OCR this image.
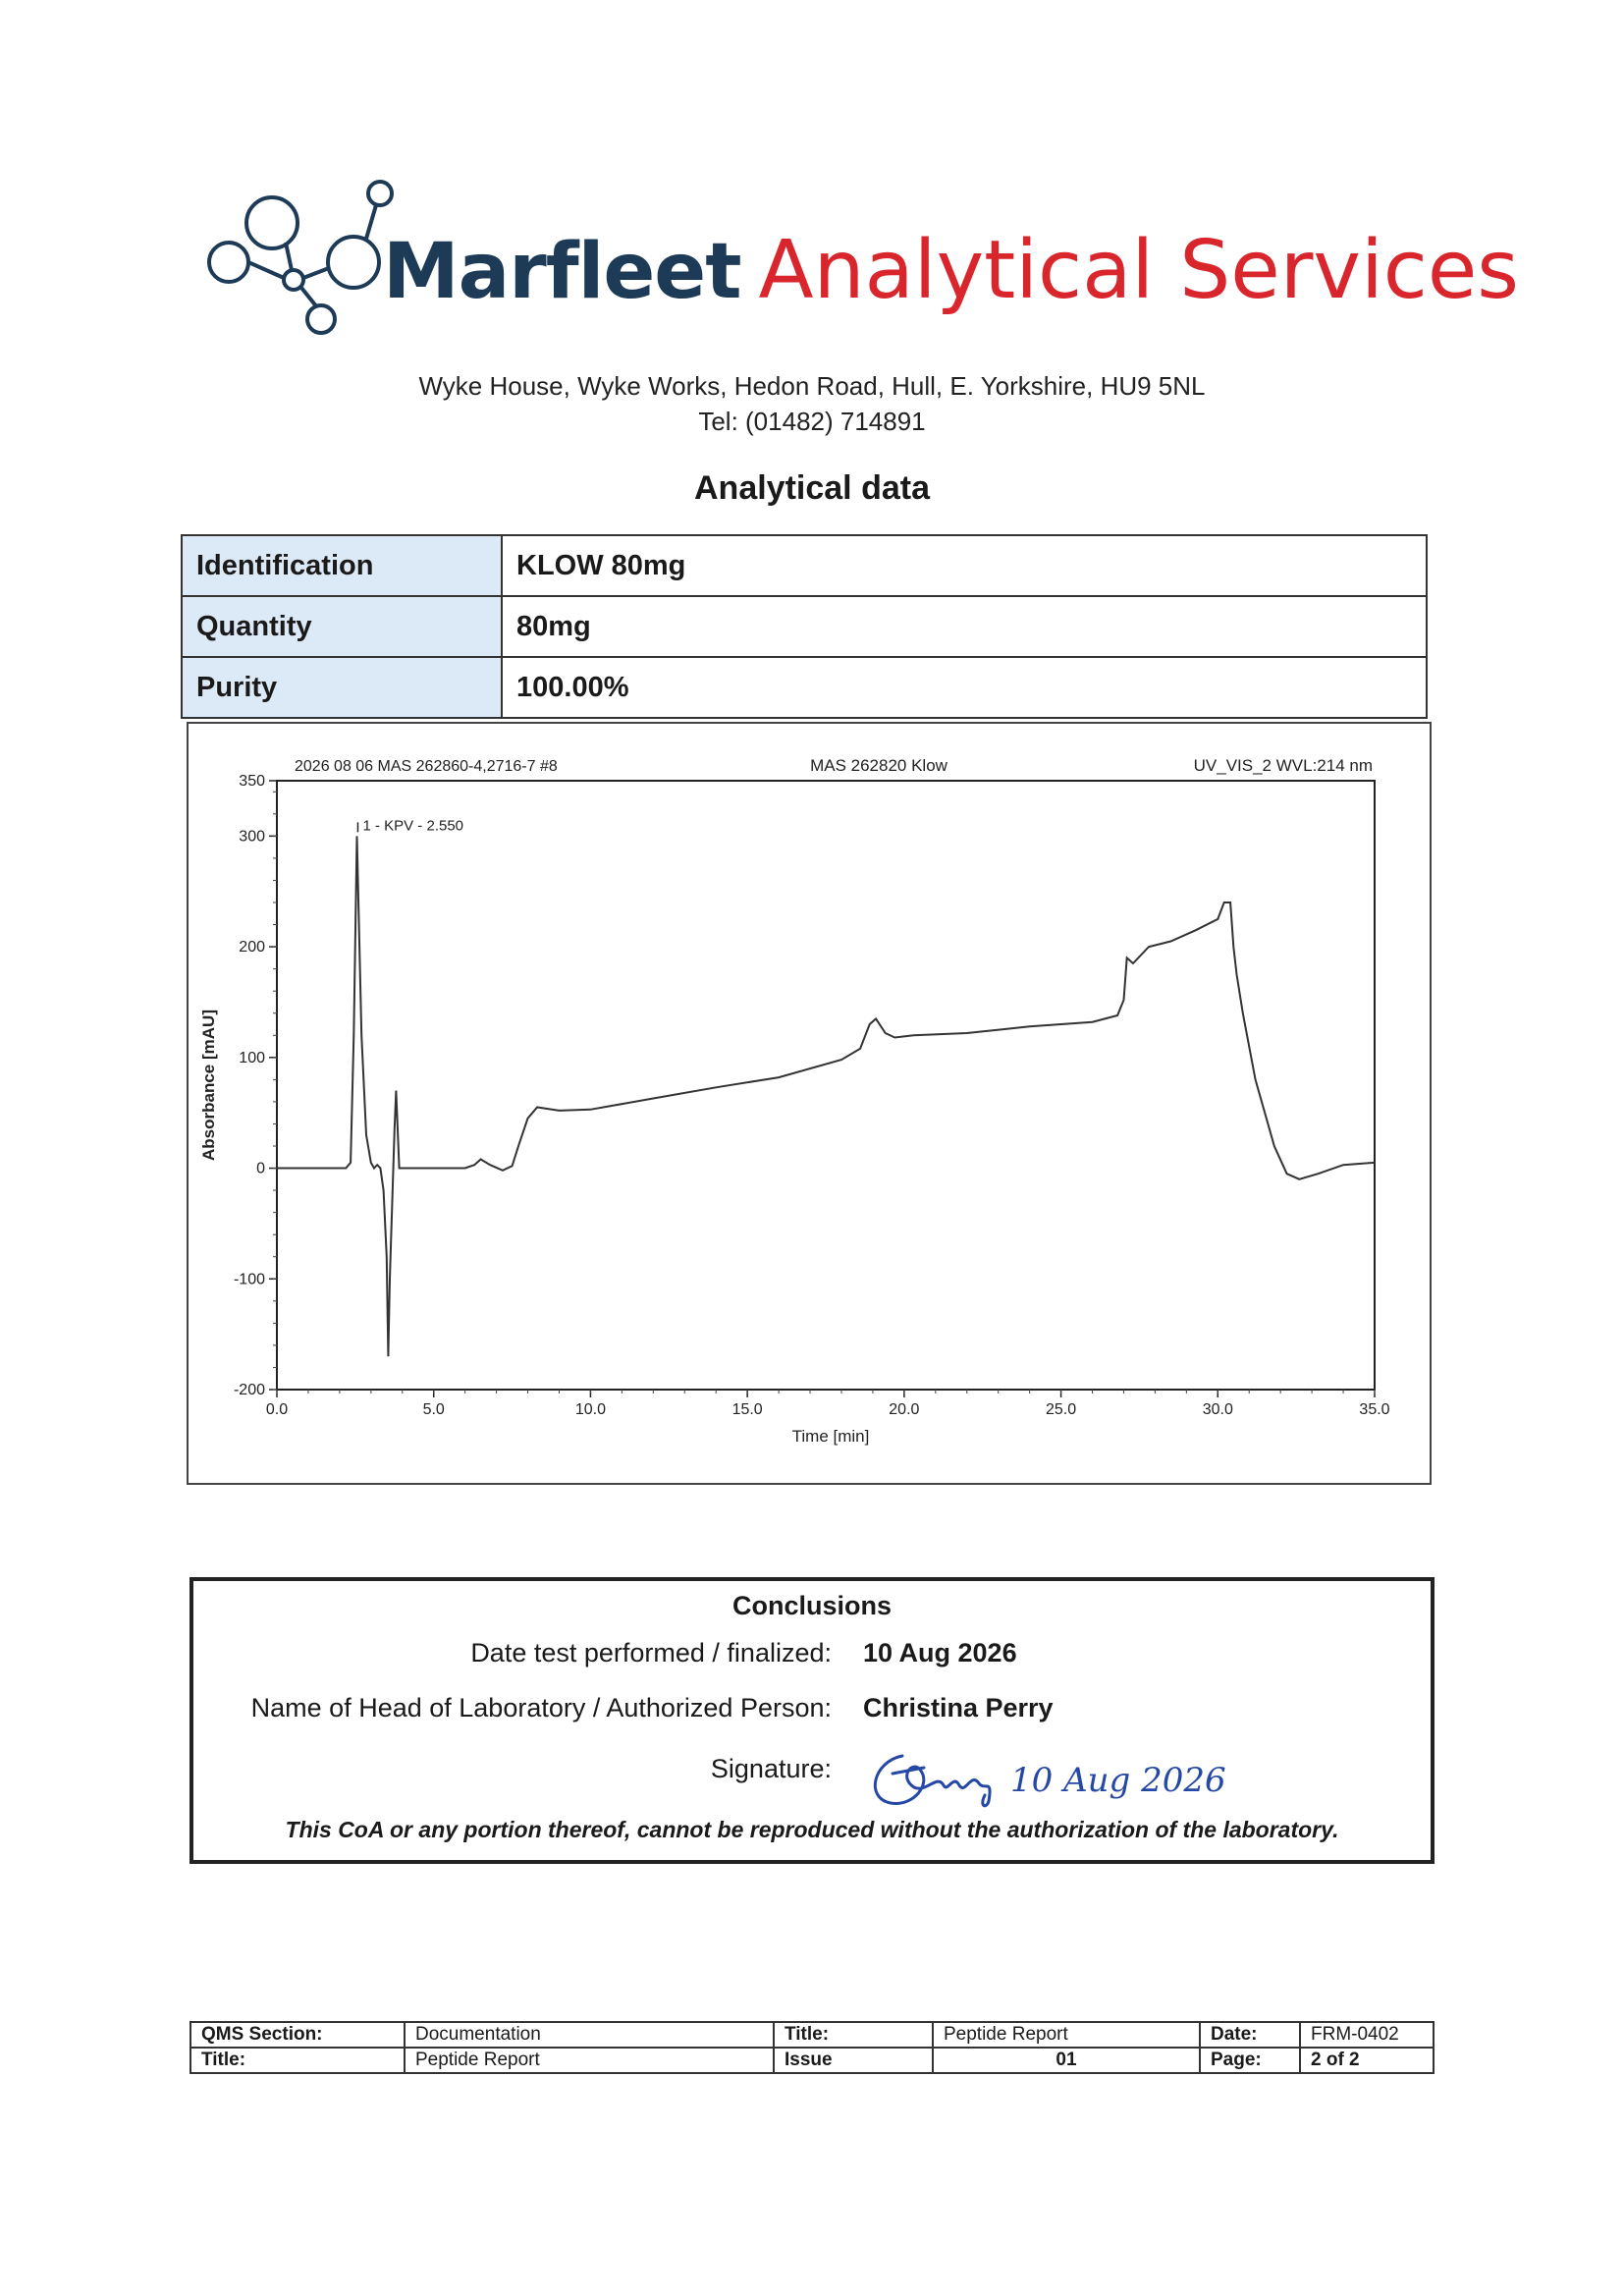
Marfleet Analytical Services
Wyke House, Wyke Works, Hedon Road, Hull, E. Yorkshire, HU9 5NL
Tel: (01482) 714891
Analytical data
Identification	KLOW 80mg
Quantity	80mg
Purity	100.00%
350
300
200
100
0
-100
-200
0.0	5.0	10.0	15.0	20.0	25.0	30.0	35.0
1 - KPV - 2.550
2026 08 06 MAS 262860-4,2716-7 #8	MAS 262820 Klow	UV_VIS_2 WVL:214 nm
Time [min]
Absorbance [mAU]
Conclusions
Date test performed / finalized: 10 Aug 2026
Name of Head of Laboratory / Authorized Person: Christina Perry
Signature:	10 Aug 2026
This CoA or any portion thereof, cannot be reproduced without the authorization of the laboratory.
QMS Section:	Documentation	Title:	Peptide Report	Date:	FRM-0402
Title:	Peptide Report	Issue	01	Page:	2 of 2
